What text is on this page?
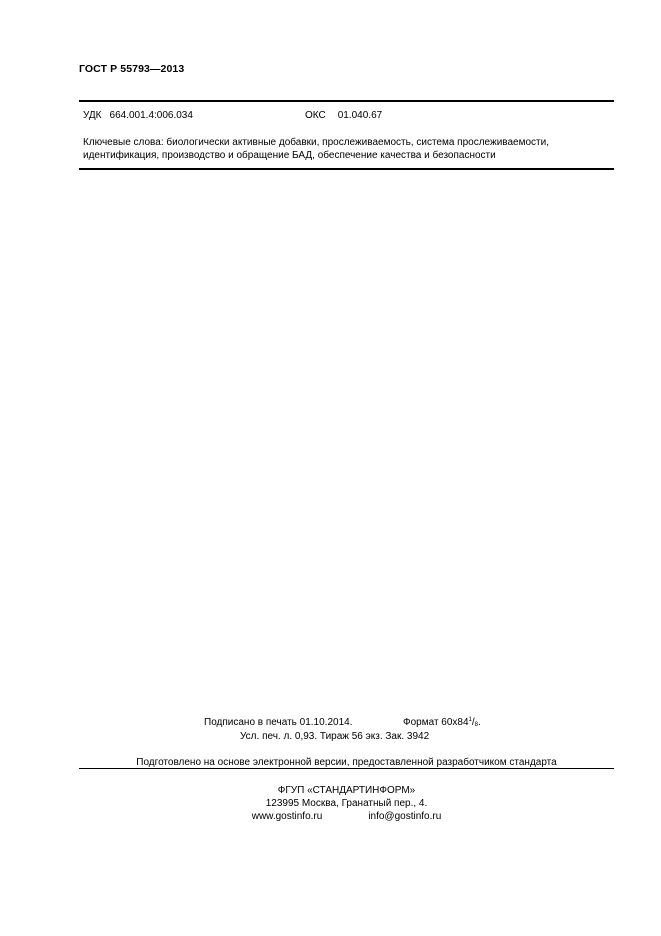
ГОСТ Р 55793—2013
УДК 664.001.4:006.034	ОКС 01.040.67
Ключевые слова: биологически активные добавки, прослеживаемость, система прослеживаемости,
идентификация, производство и обращение БАД, обеспечение качества и безопасности
Подписано в печать 01.10.2014.	Формат $60х84^1/_8$.
Усл. печ. л. 0,93. Тираж 56 экз. Зак. 3942
Подготовлено на основе электронной версии, предоставленной разработчиком стандарта
ФГУП «СТАНДАРТИНФОРМ»
123995 Москва, Гранатный пер., 4.
www.gostinfo.ru	info@gostinfo.ru
